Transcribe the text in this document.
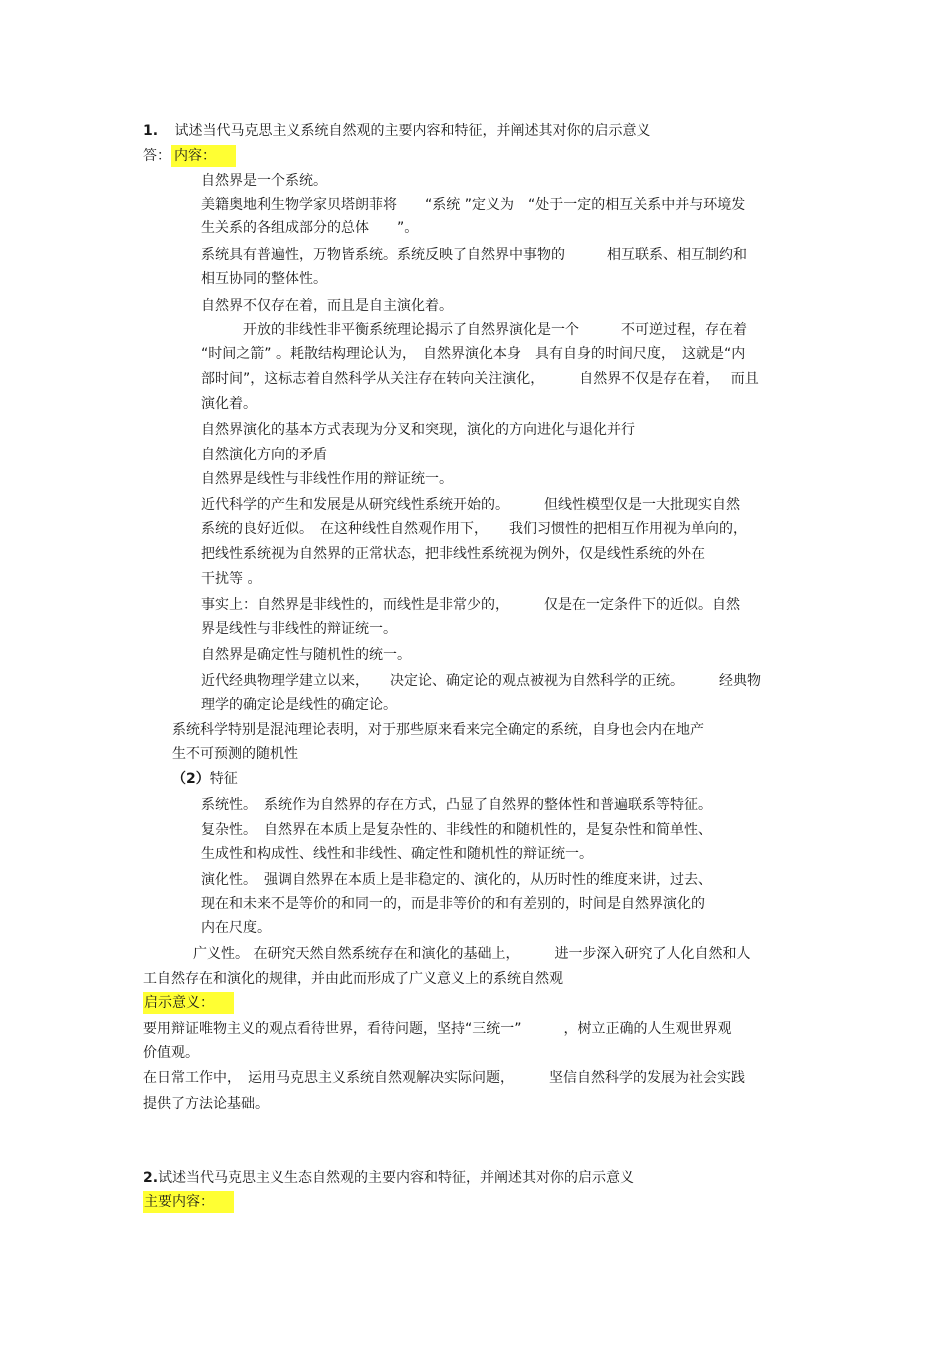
1. 试述当代马克思主义系统自然观的主要内容和特征，并阐述其对你的启示意义
答： 内容：
自然界是一个系统。
美籍奥地利生物学家贝塔朗菲将　　“系统 ”定义为　“处于一定的相互关系中并与环境发
生关系的各组成部分的总体　　”。
系统具有普遍性，万物皆系统。系统反映了自然界中事物的　　　相互联系、相互制约和
相互协同的整体性。
自然界不仅存在着，而且是自主演化着。
开放的非线性非平衡系统理论揭示了自然界演化是一个　　　不可逆过程，存在着
“时间之箭” 。耗散结构理论认为，　自然界演化本身　具有自身的时间尺度，　这就是“内
部时间”，这标志着自然科学从关注存在转向关注演化，　　　自然界不仅是存在着，　 而且
演化着。
自然界演化的基本方式表现为分叉和突现，演化的方向进化与退化并行
自然演化方向的矛盾
自然界是线性与非线性作用的辩证统一。
近代科学的产生和发展是从研究线性系统开始的。　　　但线性模型仅是一大批现实自然
系统的良好近似。　在这种线性自然观作用下，　　我们习惯性的把相互作用视为单向的，
把线性系统视为自然界的正常状态，把非线性系统视为例外，仅是线性系统的外在
干扰等 。
事实上：自然界是非线性的，而线性是非常少的，　　　仅是在一定条件下的近似。自然
界是线性与非线性的辩证统一。
自然界是确定性与随机性的统一。
近代经典物理学建立以来，　　决定论、确定论的观点被视为自然科学的正统。　　　经典物
理学的确定论是线性的确定论。
系统科学特别是混沌理论表明，对于那些原来看来完全确定的系统，自身也会内在地产
生不可预测的随机性
（2）特征
系统性。　系统作为自然界的存在方式，凸显了自然界的整体性和普遍联系等特征。
复杂性。　自然界在本质上是复杂性的、非线性的和随机性的，是复杂性和简单性、
生成性和构成性、线性和非线性、确定性和随机性的辩证统一。
演化性。　强调自然界在本质上是非稳定的、演化的，从历时性的维度来讲，过去、
现在和未来不是等价的和同一的，而是非等价的和有差别的，时间是自然界演化的
内在尺度。
广义性。 在研究天然自然系统存在和演化的基础上，　　　进一步深入研究了人化自然和人
工自然存在和演化的规律，并由此而形成了广义意义上的系统自然观
启示意义：
要用辩证唯物主义的观点看待世界，看待问题，坚持“三统一”　　　，树立正确的人生观世界观
价值观。
在日常工作中，　运用马克思主义系统自然观解决实际问题，　　　坚信自然科学的发展为社会实践
提供了方法论基础。
2.试述当代马克思主义生态自然观的主要内容和特征，并阐述其对你的启示意义
主要内容：
